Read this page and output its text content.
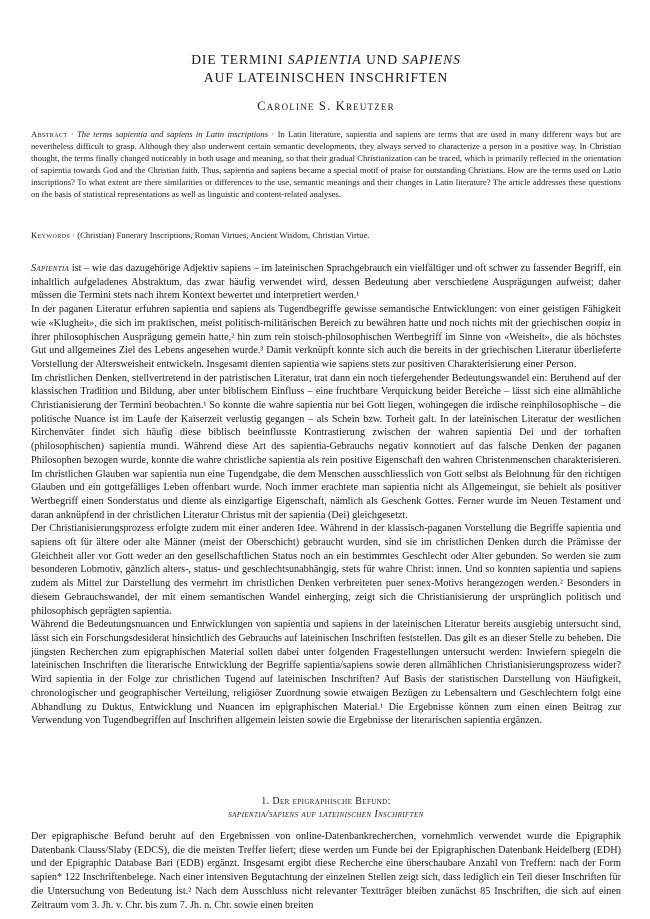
DIE TERMINI SAPIENTIA UND SAPIENS
AUF LATEINISCHEN INSCHRIFTEN
Caroline S. Kreutzer
Abstract · The terms sapientia and sapiens in Latin inscriptions · In Latin literature, sapientia and sapiens are terms that are used in many different ways but are nevertheless difficult to grasp. Although they also underwent certain semantic developments, they always served to characterize a person in a positive way. In Christian thought, the terms finally changed noticeably in both usage and meaning, so that their gradual Christianization can be traced, which is primarily reflected in the orientation of sapientia towards God and the Christian faith. Thus, sapientia and sapiens became a special motif of praise for outstanding Christians. How are the terms used on Latin inscriptions? To what extent are there similarities or differences to the use, semantic meanings and their changes in Latin literature? The article addresses these questions on the basis of statistical representations as well as linguistic and content-related analyses.
Keywords · (Christian) Funerary Inscriptions, Roman Virtues, Ancient Wisdom, Christian Virtue.

Sapientia ist – wie das dazugehörige Adjektiv sapiens – im lateinischen Sprachgebrauch ein vielfältiger und oft schwer zu fassender Begriff, ein inhaltlich aufgeladenes Abstraktum, das zwar häufig verwendet wird, dessen Bedeutung aber verschiedene Ausprägungen aufweist; daher müssen die Termini stets nach ihrem Kontext bewertet und interpretiert werden.¹

In der paganen Literatur erfuhren sapientia und sapiens als Tugendbegriffe gewisse semantische Entwicklungen: von einer geistigen Fähigkeit wie «Klugheit», die sich im praktischen, meist politisch-militärischen Bereich zu bewähren hatte und noch nichts mit der griechischen σοφία in ihrer philosophischen Ausprägung gemein hatte,² hin zum rein stoisch-philosophischen Wertbegriff im Sinne von «Weisheit», die als höchstes Gut und allgemeines Ziel des Lebens angesehen wurde.³ Damit verknüpft konnte sich auch die bereits in der griechischen Literatur überlieferte Vorstellung der Altersweisheit entwickeln. Insgesamt dienten sapientia wie sapiens stets zur positiven Charakterisierung einer Person.

Im christlichen Denken, stellvertretend in der patristischen Literatur, trat dann ein noch tiefergehender Bedeutungswandel ein: Beruhend auf der klassischen Tradition und Bildung, aber unter biblischem Einfluss – eine fruchtbare Verquickung beider Bereiche – lässt sich eine allmähliche Christianisierung der Termini beobachten.¹ So konnte die wahre sapientia nur bei Gott liegen, wohingegen die irdische reinphilosophische – die politische Nuance ist im Laufe der Kaiserzeit verlustig gegangen – als Schein bzw. Torheit galt. In der lateinischen Literatur der westlichen Kirchenväter findet sich häufig diese biblisch beeinflusste Kontrastierung zwischen der wahren sapientia Dei und der torhaften (philosophischen) sapientia mundi. Während diese Art des sapientia-Gebrauchs negativ konnotiert auf das falsche Denken der paganen Philosophen bezogen wurde, konnte die wahre christliche sapientia als rein positive Eigenschaft den wahren Christenmenschen charakterisieren. Im christlichen Glauben war sapientia nun eine Tugendgabe, die dem Menschen ausschliesslich von Gott selbst als Belohnung für den richtigen Glauben und ein gottgefälliges Leben offenbart wurde. Noch immer erachtete man sapientia nicht als Allgemeingut, sie behielt als positiver Wertbegriff einen Sonderstatus und diente als einzigartige Eigenschaft, nämlich als Geschenk Gottes. Ferner wurde im Neuen Testament und daran anknüpfend in der christlichen Literatur Christus mit der sapientia (Dei) gleichgesetzt.

Der Christianisierungsprozess erfolgte zudem mit einer anderen Idee. Während in der klassisch-paganen Vorstellung die Begriffe sapientia und sapiens oft für ältere oder alte Männer (meist der Oberschicht) gebraucht wurden, sind sie im christlichen Denken durch die Prämisse der Gleichheit aller vor Gott weder an den gesellschaftlichen Status noch an ein bestimmtes Geschlecht oder Alter gebunden. So werden sie zum besonderen Lobmotiv, gänzlich alters-, status- und geschlechtsunabhängig, stets für wahre Christ: innen. Und so konnten sapientia und sapiens zudem als Mittel zur Darstellung des vermehrt im christlichen Denken verbreiteten puer senex-Motivs herangezogen werden.² Besonders in diesem Gebrauchswandel, der mit einem semantischen Wandel einherging, zeigt sich die Christianisierung der ursprünglich politisch und philosophisch geprägten sapientia.

Während die Bedeutungsnuancen und Entwicklungen von sapientia und sapiens in der lateinischen Literatur bereits ausgiebig untersucht sind, lässt sich ein Forschungsdesiderat hinsichtlich des Gebrauchs auf lateinischen Inschriften feststellen. Das gilt es an dieser Stelle zu beheben. Die jüngsten Recherchen zum epigraphischen Material sollen dabei unter folgenden Fragestellungen untersucht werden: Inwiefern spiegeln die lateinischen Inschriften die literarische Entwicklung der Begriffe sapientia/sapiens sowie deren allmählichen Christianisierungsprozess wider? Wird sapientia in der Folge zur christlichen Tugend auf lateinischen Inschriften? Auf Basis der statistischen Darstellung von Häufigkeit, chronologischer und geographischer Verteilung, religiöser Zuordnung sowie etwaigen Bezügen zu Lebensaltern und Geschlechtern folgt eine Abhandlung zu Duktus, Entwicklung und Nuancen im epigraphischen Material.¹ Die Ergebnisse können zum einen einen Beitrag zur Verwendung von Tugendbegriffen auf Inschriften allgemein leisten sowie die Ergebnisse der literarischen sapientia ergänzen.

1. Der epigraphische Befund:
sapientia/sapiens auf lateinischen Inschriften

Der epigraphische Befund beruht auf den Ergebnissen von online-Datenbankrecherchen, vornehmlich verwendet wurde die Epigraphik Datenbank Clauss/Slaby (EDCS), die die meisten Treffer liefert; diese werden um Funde bei der Epigraphischen Datenbank Heidelberg (EDH) und der Epigraphic Database Bari (EDB) ergänzt. Insgesamt ergibt diese Recherche eine überschaubare Anzahl von Treffern: nach der Form sapien* 122 Inschriftenbelege. Nach einer intensiven Begutachtung der einzelnen Stellen zeigt sich, dass lediglich ein Teil dieser Inschriften für die Untersuchung von Bedeutung ist.² Nach dem Ausschluss nicht relevanter Textträger bleiben zunächst 85 Inschriften, die sich auf einen Zeitraum vom 3. Jh. v. Chr. bis zum 7. Jh. n. Chr. sowie einen breiten
